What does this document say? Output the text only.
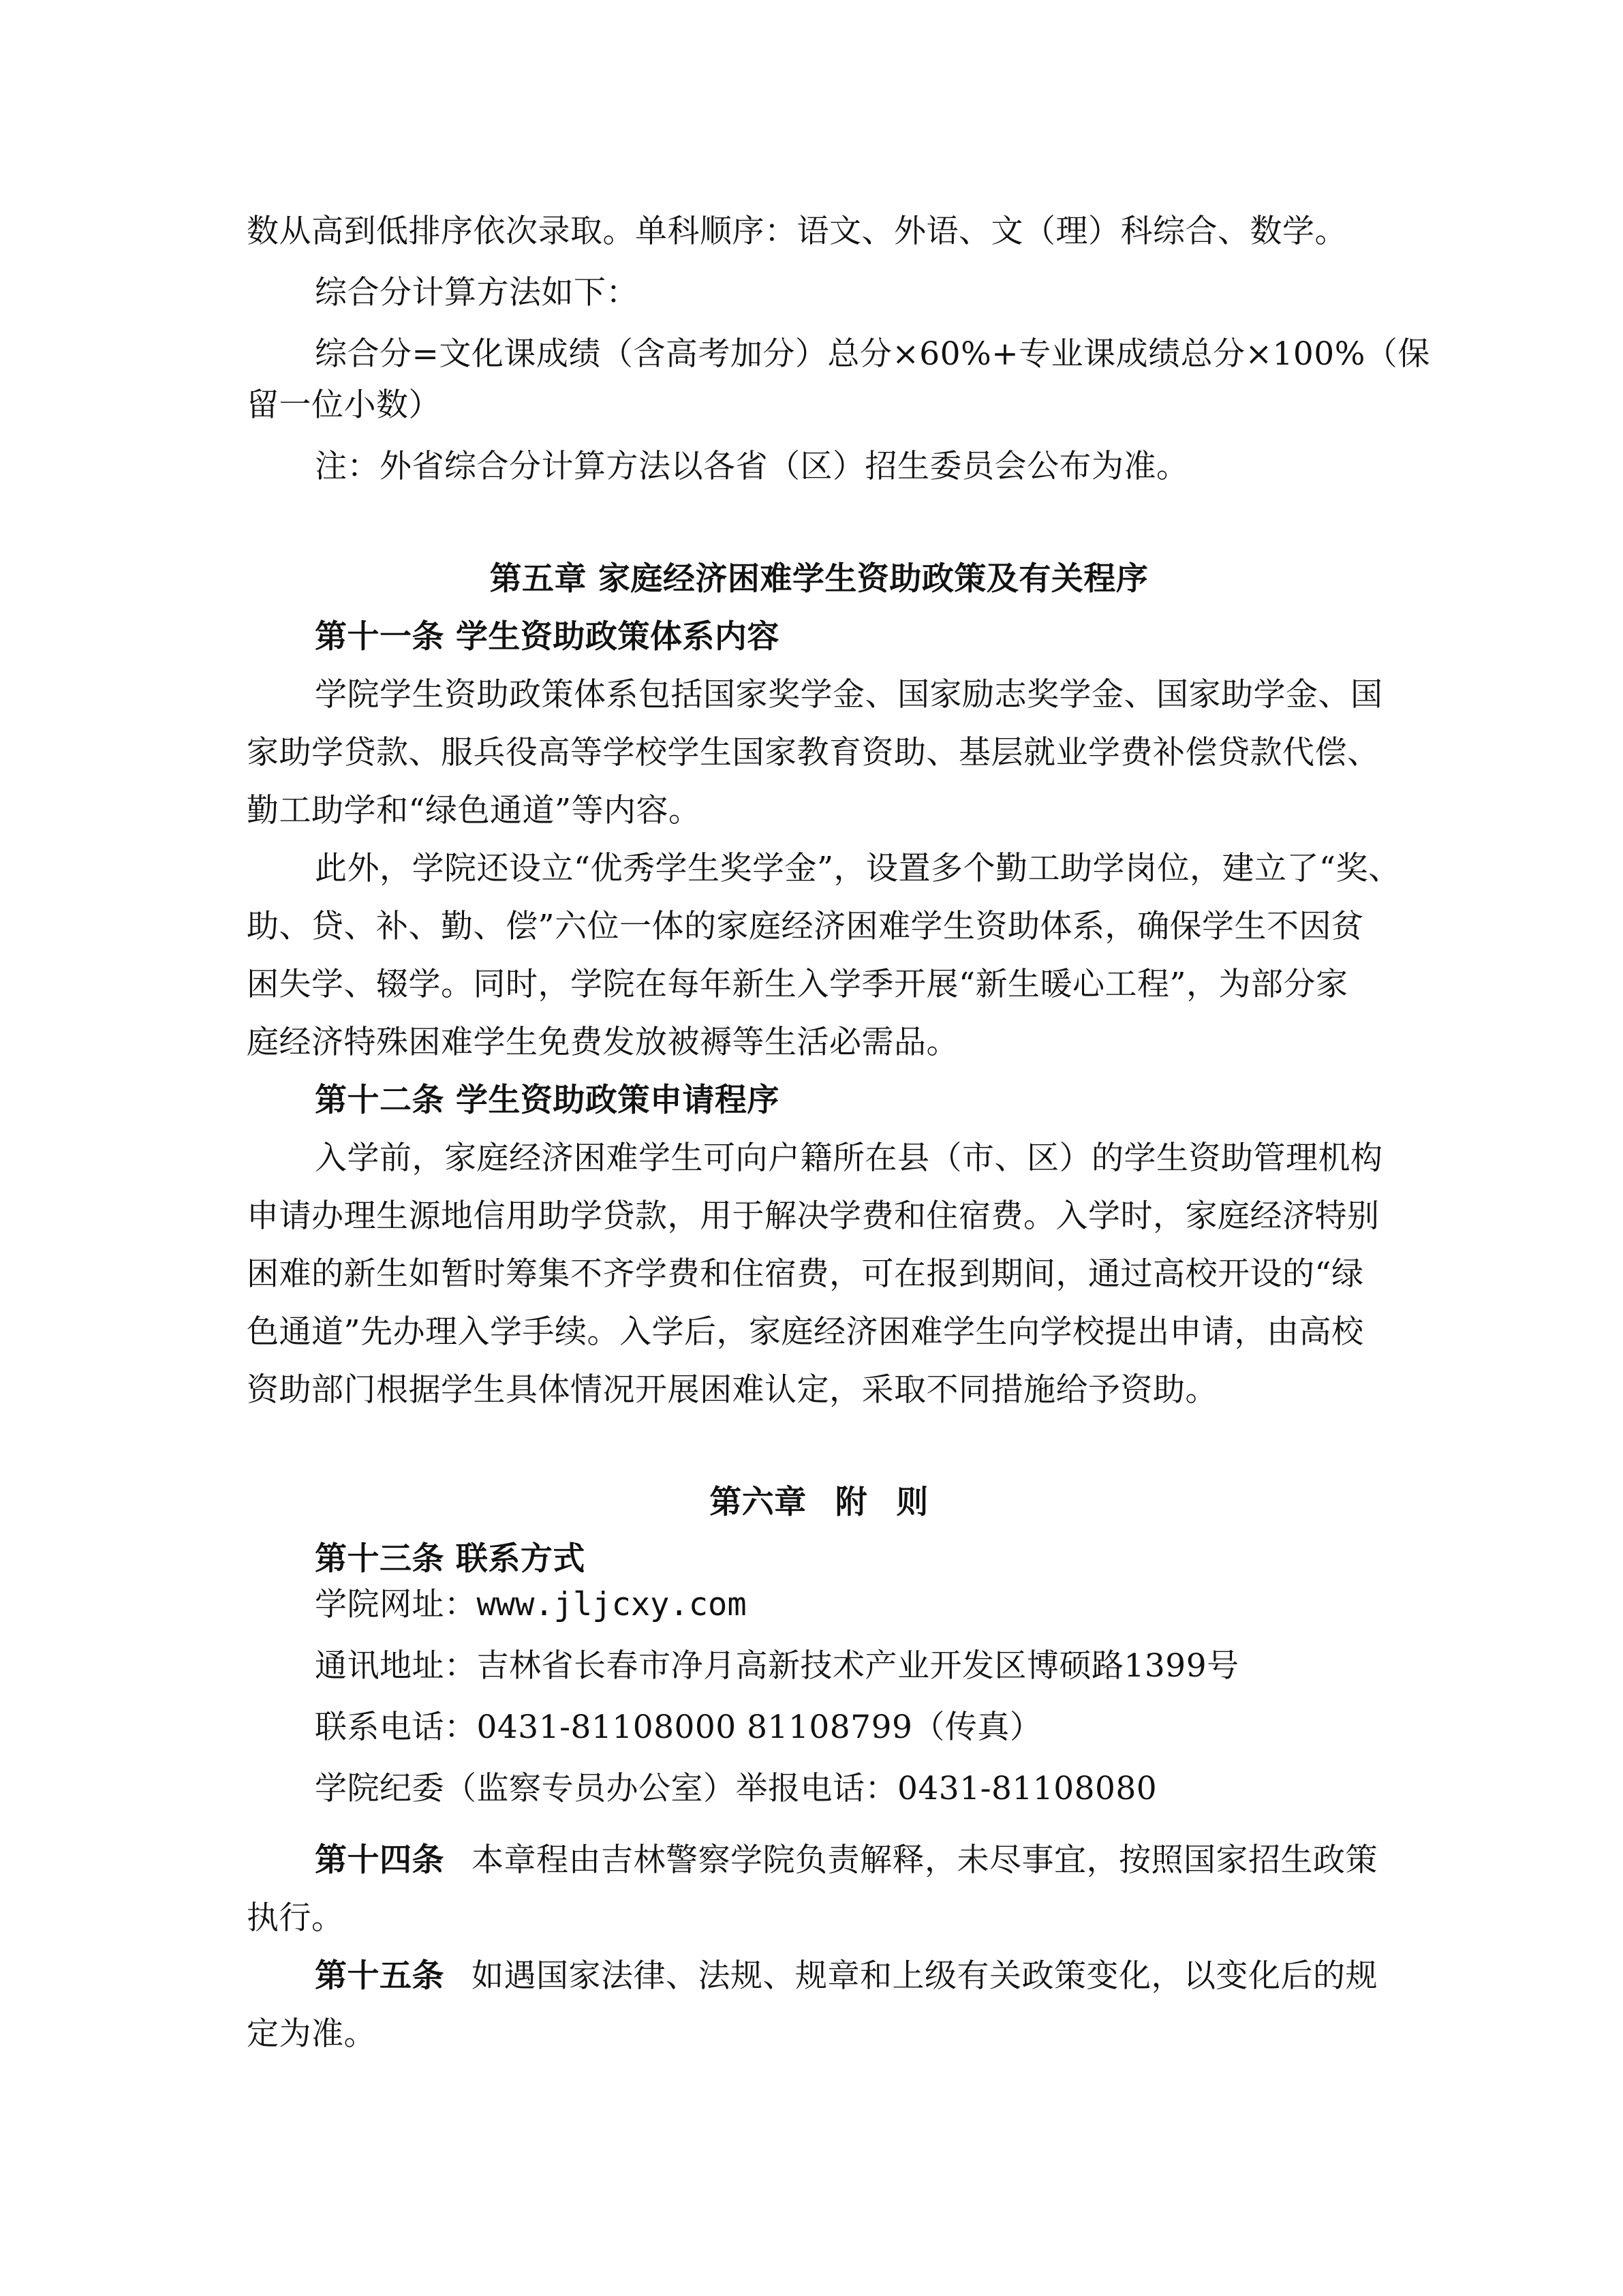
数从高到低排序依次录取。单科顺序：语文、外语、文（理）科综合、数学。
综合分计算方法如下：
综合分=文化课成绩（含高考加分）总分×60%+专业课成绩总分×100%（保
留一位小数）
注：外省综合分计算方法以各省（区）招生委员会公布为准。
第五章 家庭经济困难学生资助政策及有关程序
第十一条 学生资助政策体系内容
学院学生资助政策体系包括国家奖学金、国家励志奖学金、国家助学金、国
家助学贷款、服兵役高等学校学生国家教育资助、基层就业学费补偿贷款代偿、
勤工助学和“绿色通道”等内容。
此外，学院还设立“优秀学生奖学金”，设置多个勤工助学岗位，建立了“奖、
助、贷、补、勤、偿”六位一体的家庭经济困难学生资助体系，确保学生不因贫
困失学、辍学。同时，学院在每年新生入学季开展“新生暖心工程”，为部分家
庭经济特殊困难学生免费发放被褥等生活必需品。
第十二条 学生资助政策申请程序
入学前，家庭经济困难学生可向户籍所在县（市、区）的学生资助管理机构
申请办理生源地信用助学贷款，用于解决学费和住宿费。入学时，家庭经济特别
困难的新生如暂时筹集不齐学费和住宿费，可在报到期间，通过高校开设的“绿
色通道”先办理入学手续。入学后，家庭经济困难学生向学校提出申请，由高校
资助部门根据学生具体情况开展困难认定，采取不同措施给予资助。
第六章 附 则
第十三条 联系方式
学院网址：www.jljcxy.com
通讯地址：吉林省长春市净月高新技术产业开发区博硕路1399号
联系电话：0431-81108000 81108799（传真）
学院纪委（监察专员办公室）举报电话：0431-81108080
第十四条 本章程由吉林警察学院负责解释，未尽事宜，按照国家招生政策
执行。
第十五条 如遇国家法律、法规、规章和上级有关政策变化，以变化后的规
定为准。
